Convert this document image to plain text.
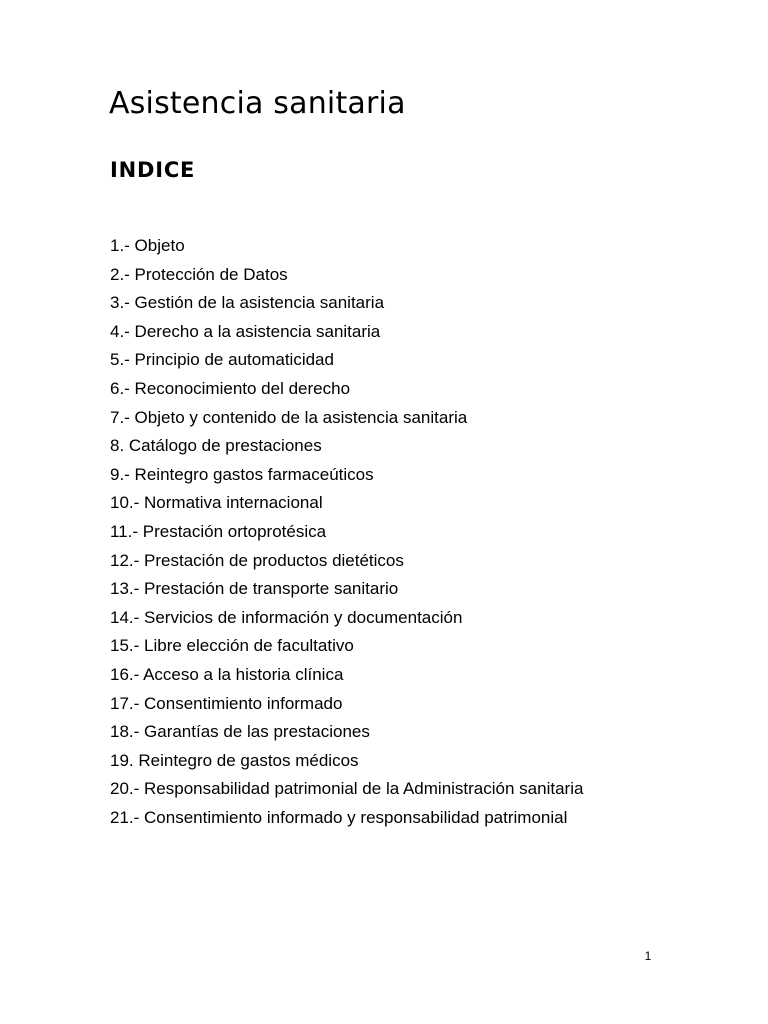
Asistencia sanitaria
INDICE
1.- Objeto
2.- Protección de Datos
3.- Gestión de la asistencia sanitaria
4.- Derecho a la asistencia sanitaria
5.- Principio de automaticidad
6.- Reconocimiento del derecho
7.- Objeto y contenido de la asistencia sanitaria
8. Catálogo de prestaciones
9.- Reintegro gastos farmaceúticos
10.- Normativa internacional
11.- Prestación ortoprotésica
12.- Prestación de productos dietéticos
13.- Prestación de transporte sanitario
14.- Servicios de información y documentación
15.- Libre elección de facultativo
16.- Acceso a la historia clínica
17.- Consentimiento informado
18.- Garantías de las prestaciones
19. Reintegro de gastos médicos
20.- Responsabilidad patrimonial de la Administración sanitaria
21.- Consentimiento informado y responsabilidad patrimonial
1
